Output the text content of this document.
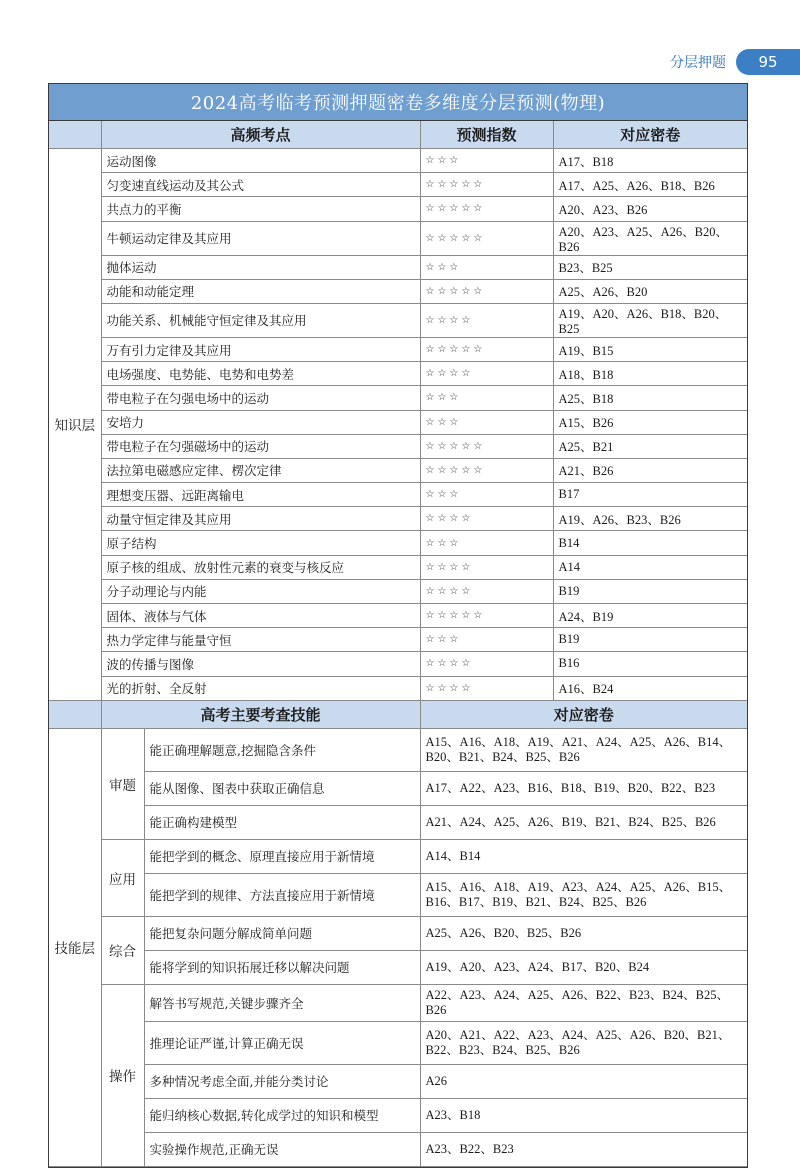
分层押题	95
2024高考临考预测押题密卷多维度分层预测(物理)
	高频考点	预测指数	对应密卷
知识层	运动图像	☆☆☆	A17、B18
	匀变速直线运动及其公式	☆☆☆☆☆	A17、A25、A26、B18、B26
	共点力的平衡	☆☆☆☆☆	A20、A23、B26
	牛顿运动定律及其应用	☆☆☆☆☆	A20、A23、A25、A26、B20、B26
	抛体运动	☆☆☆	B23、B25
	动能和动能定理	☆☆☆☆☆	A25、A26、B20
	功能关系、机械能守恒定律及其应用	☆☆☆☆	A19、A20、A26、B18、B20、B25
	万有引力定律及其应用	☆☆☆☆☆	A19、B15
	电场强度、电势能、电势和电势差	☆☆☆☆	A18、B18
	带电粒子在匀强电场中的运动	☆☆☆	A25、B18
	安培力	☆☆☆	A15、B26
	带电粒子在匀强磁场中的运动	☆☆☆☆☆	A25、B21
	法拉第电磁感应定律、楞次定律	☆☆☆☆☆	A21、B26
	理想变压器、远距离输电	☆☆☆	B17
	动量守恒定律及其应用	☆☆☆☆	A19、A26、B23、B26
	原子结构	☆☆☆	B14
	原子核的组成、放射性元素的衰变与核反应	☆☆☆☆	A14
	分子动理论与内能	☆☆☆☆	B19
	固体、液体与气体	☆☆☆☆☆	A24、B19
	热力学定律与能量守恒	☆☆☆	B19
	波的传播与图像	☆☆☆☆	B16
	光的折射、全反射	☆☆☆☆	A16、B24
	高考主要考查技能		对应密卷
技能层	审题	能正确理解题意,挖掘隐含条件	A15、A16、A18、A19、A21、A24、A25、A26、B14、B20、B21、B24、B25、B26
		能从图像、图表中获取正确信息	A17、A22、A23、B16、B18、B19、B20、B22、B23
		能正确构建模型	A21、A24、A25、A26、B19、B21、B24、B25、B26
	应用	能把学到的概念、原理直接应用于新情境	A14、B14
		能把学到的规律、方法直接应用于新情境	A15、A16、A18、A19、A23、A24、A25、A26、B15、B16、B17、B19、B21、B24、B25、B26
	综合	能把复杂问题分解成简单问题	A25、A26、B20、B25、B26
		能将学到的知识拓展迁移以解决问题	A19、A20、A23、A24、B17、B20、B24
	操作	解答书写规范,关键步骤齐全	A22、A23、A24、A25、A26、B22、B23、B24、B25、B26
		推理论证严谨,计算正确无误	A20、A21、A22、A23、A24、A25、A26、B20、B21、B22、B23、B24、B25、B26
		多种情况考虑全面,并能分类讨论	A26
		能归纳核心数据,转化成学过的知识和模型	A23、B18
		实验操作规范,正确无误	A23、B22、B23
